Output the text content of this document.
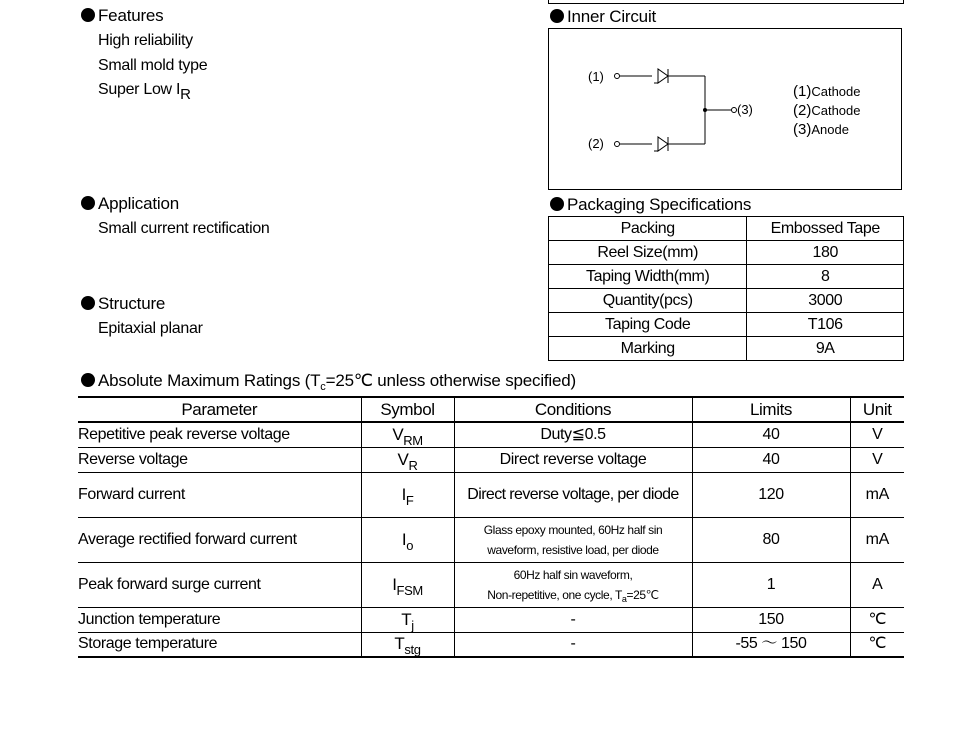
Features
High reliability
Small mold type
Super Low IR
Application
Small current rectification
Structure
Epitaxial planar
Inner Circuit
(1)
(2)
(3)
(1)Cathode
(2)Cathode
(3)Anode
Packaging Specifications
Packing	Embossed Tape
Reel Size(mm)	180
Taping Width(mm)	8
Quantity(pcs)	3000
Taping Code	T106
Marking	9A
Absolute Maximum Ratings ($T_c=25℃$ unless otherwise specified)
Parameter	Symbol	Conditions	Limits	Unit
Repetitive peak reverse voltage	$V_{RM}$	Duty≦0.5	40	V
Reverse voltage	$V_R$	Direct reverse voltage	40	V
Forward current	$I_F$	Direct reverse voltage, per diode	120	mA
Average rectified forward current	$I_o$	Glass epoxy mounted, 60Hz half sin
waveform, resistive load, per diode	80	mA
Peak forward surge current	$I_{FSM}$	60Hz half sin waveform,
Non-repetitive, one cycle, $T_a=25℃$	1	A
Junction temperature	$T_j$	-	150	℃
Storage temperature	$T_{stg}$	-	-55 ～ 150	℃
